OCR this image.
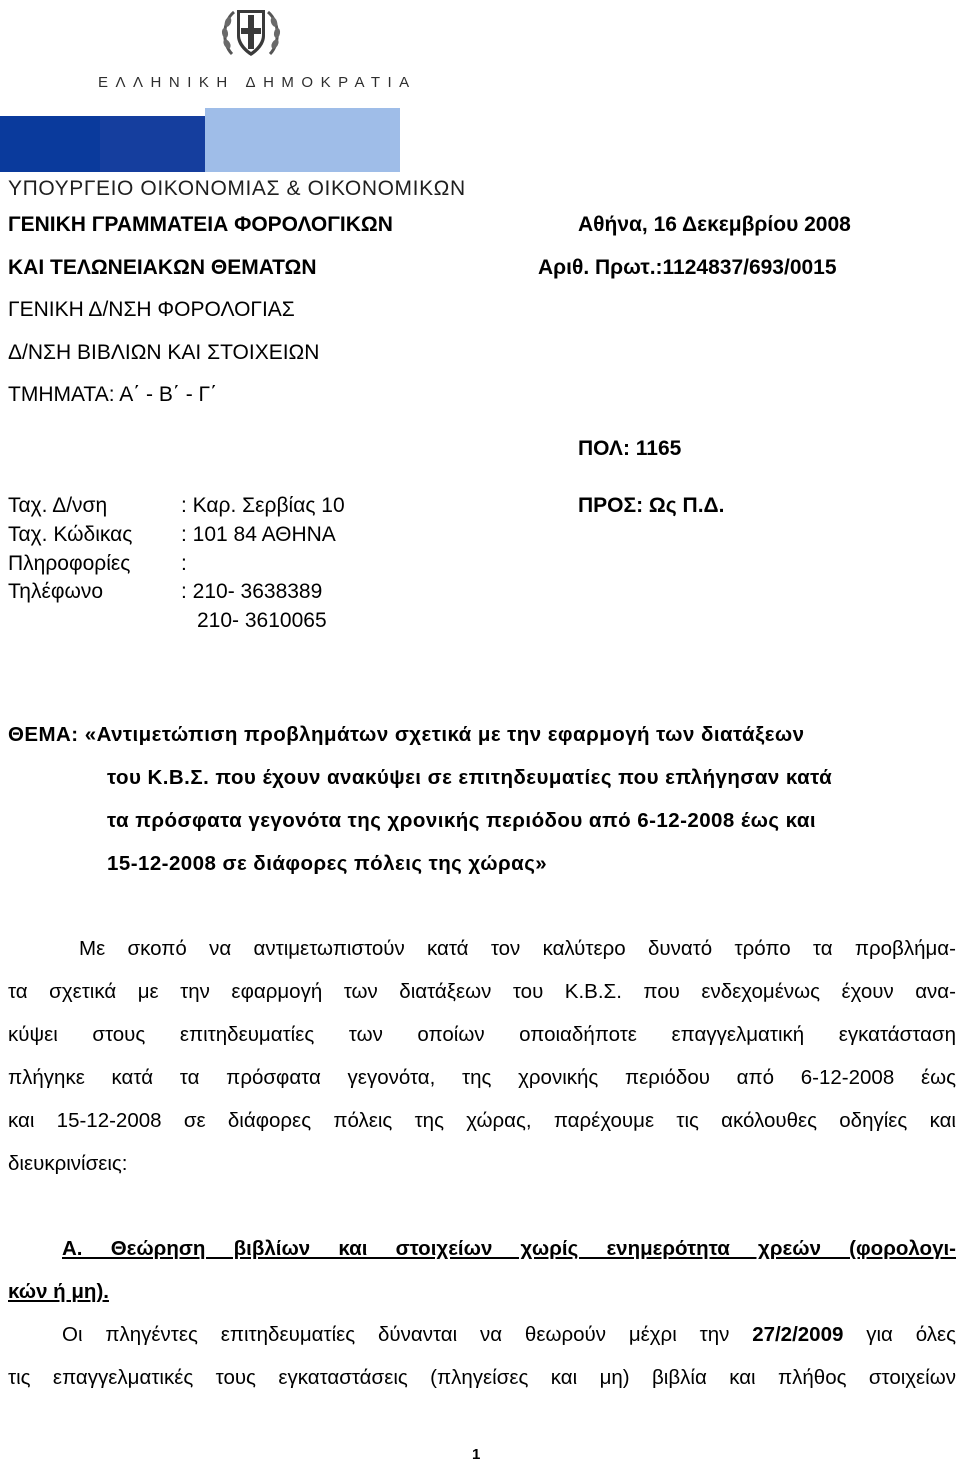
ΕΛΛΗΝΙΚΗ ΔΗΜΟΚΡΑΤΙΑ
ΥΠΟΥΡΓΕΙΟ ΟΙΚΟΝΟΜΙΑΣ & ΟΙΚΟΝΟΜΙΚΩΝ
ΓΕΝΙΚΗ ΓΡΑΜΜΑΤΕΙΑ ΦΟΡΟΛΟΓΙΚΩΝ
ΚΑΙ ΤΕΛΩΝΕΙΑΚΩΝ ΘΕΜΑΤΩΝ
ΓΕΝΙΚΗ Δ/ΝΣΗ ΦΟΡΟΛΟΓΙΑΣ
Δ/ΝΣΗ ΒΙΒΛΙΩΝ ΚΑΙ ΣΤΟΙΧΕΙΩΝ
ΤΜΗΜΑΤΑ: Α΄ - Β΄ - Γ΄
Αθήνα, 16 Δεκεμβρίου 2008
Αριθ. Πρωτ.:1124837/693/0015
ΠΟΛ: 1165
ΠΡΟΣ: Ως Π.Δ.
Ταχ. Δ/νση	: Καρ. Σερβίας 10
Ταχ. Κώδικας : 101 84 ΑΘΗΝΑ
Πληροφορίες :
Τηλέφωνο	: 210- 3638389
210- 3610065
ΘΕΜΑ: «Αντιμετώπιση προβλημάτων σχετικά με την εφαρμογή των διατάξεων
του Κ.Β.Σ. που έχουν ανακύψει σε επιτηδευματίες που επλήγησαν κατά
τα πρόσφατα γεγονότα της χρονικής περιόδου από 6-12-2008 έως και
15-12-2008 σε διάφορες πόλεις της χώρας»
Με σκοπό να αντιμετωπιστούν κατά τον καλύτερο δυνατό τρόπο τα προβλήμα-
τα σχετικά με την εφαρμογή των διατάξεων του Κ.Β.Σ. που ενδεχομένως έχουν ανα-
κύψει στους επιτηδευματίες των οποίων οποιαδήποτε επαγγελματική εγκατάσταση
πλήγηκε κατά τα πρόσφατα γεγονότα, της χρονικής περιόδου από 6-12-2008 έως
και 15-12-2008 σε διάφορες πόλεις της χώρας, παρέχουμε τις ακόλουθες οδηγίες και
διευκρινίσεις:
Α. Θεώρηση βιβλίων και στοιχείων χωρίς ενημερότητα χρεών (φορολογι-
κών ή μη).
Οι πληγέντες επιτηδευματίες δύνανται να θεωρούν μέχρι την 27/2/2009 για όλες
τις επαγγελματικές τους εγκαταστάσεις (πληγείσες και μη) βιβλία και πλήθος στοιχείων
1
